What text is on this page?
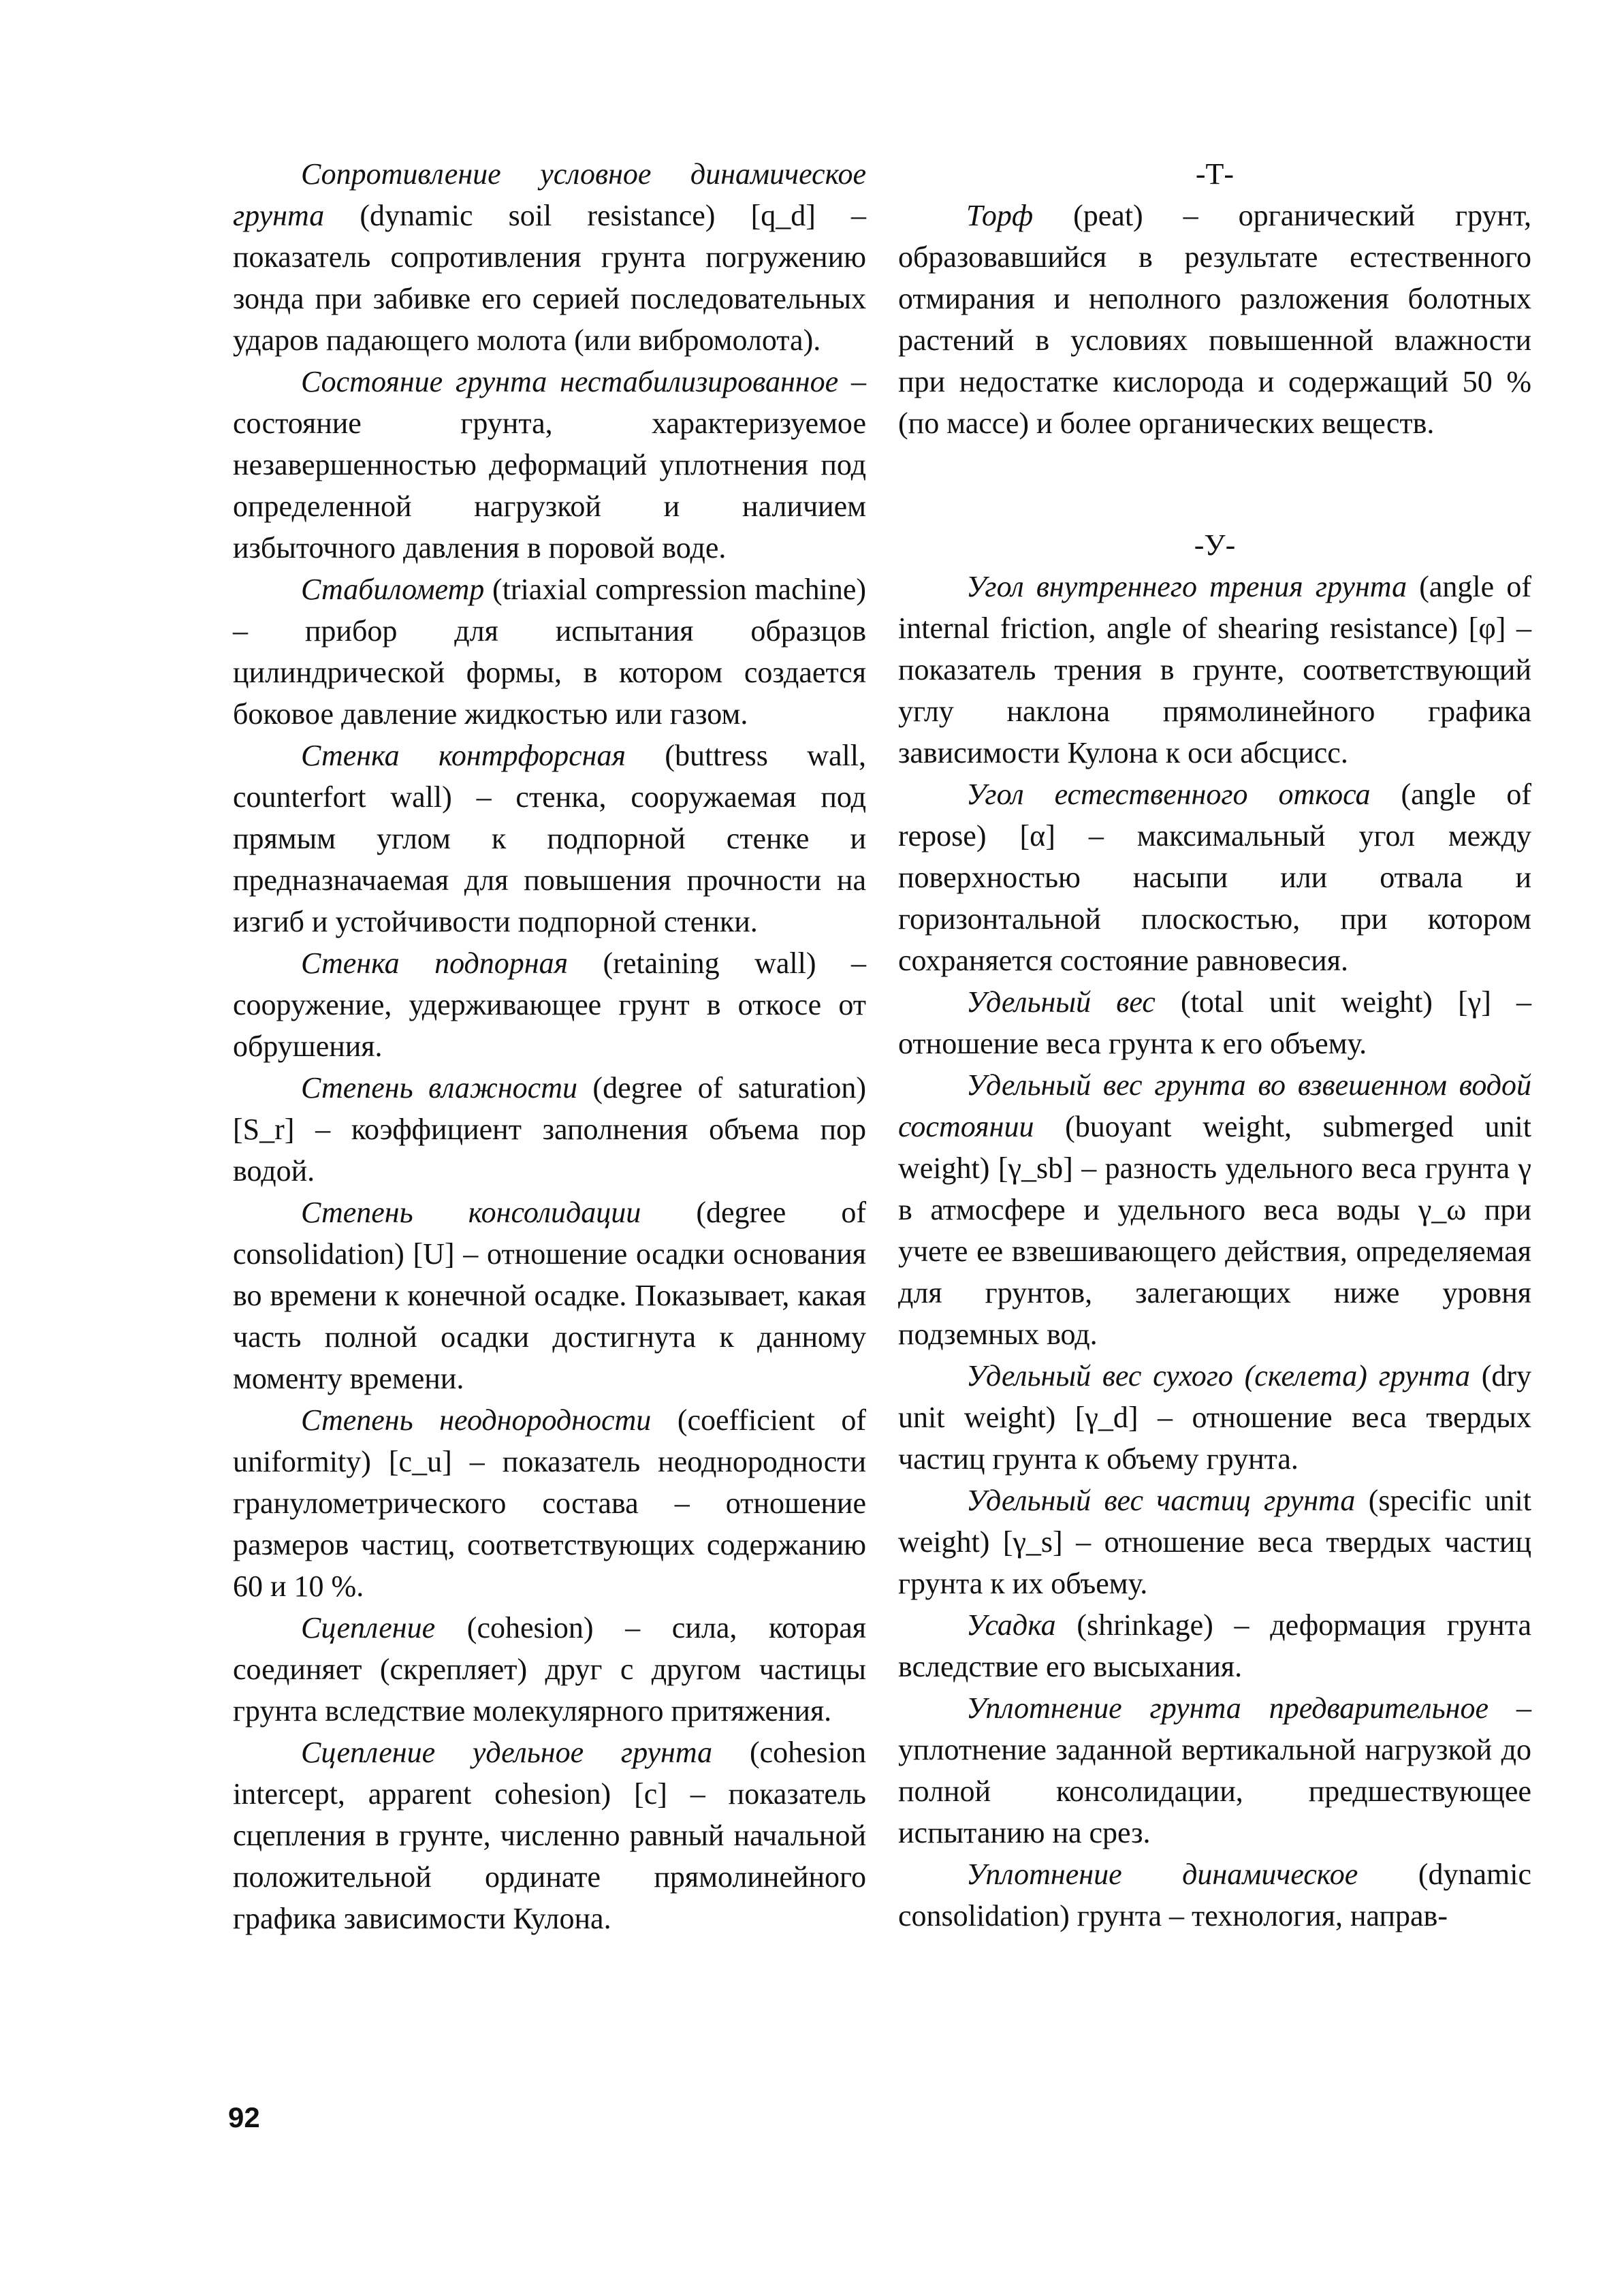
Сопротивление условное динамическое грунта (dynamic soil resistance) [q_d] – показатель сопротивления грунта погружению зонда при забивке его серией последовательных ударов падающего молота (или вибромолота).

Состояние грунта нестабилизированное – состояние грунта, характеризуемое незавершенностью деформаций уплотнения под определенной нагрузкой и наличием избыточного давления в поровой воде.

Стабилометр (triaxial compression machine) – прибор для испытания образцов цилиндрической формы, в котором создается боковое давление жидкостью или газом.

Стенка контрфорсная (buttress wall, counterfort wall) – стенка, сооружаемая под прямым углом к подпорной стенке и предназначаемая для повышения прочности на изгиб и устойчивости подпорной стенки.

Стенка подпорная (retaining wall) – сооружение, удерживающее грунт в откосе от обрушения.

Степень влажности (degree of saturation) [S_r] – коэффициент заполнения объема пор водой.

Степень консолидации (degree of consolidation) [U] – отношение осадки основания во времени к конечной осадке. Показывает, какая часть полной осадки достигнута к данному моменту времени.

Степень неоднородности (coefficient of uniformity) [c_u] – показатель неоднородности гранулометрического состава – отношение размеров частиц, соответствующих содержанию 60 и 10 %.

Сцепление (cohesion) – сила, которая соединяет (скрепляет) друг с другом частицы грунта вследствие молекулярного притяжения.

Сцепление удельное грунта (cohesion intercept, apparent cohesion) [c] – показатель сцепления в грунте, численно равный начальной положительной ординате прямолинейного графика зависимости Кулона.

-Т-

Торф (peat) – органический грунт, образовавшийся в результате естественного отмирания и неполного разложения болотных растений в условиях повышенной влажности при недостатке кислорода и содержащий 50 % (по массе) и более органических веществ.

-У-

Угол внутреннего трения грунта (angle of internal friction, angle of shearing resistance) [φ] – показатель трения в грунте, соответствующий углу наклона прямолинейного графика зависимости Кулона к оси абсцисс.

Угол естественного откоса (angle of repose) [α] – максимальный угол между поверхностью насыпи или отвала и горизонтальной плоскостью, при котором сохраняется состояние равновесия.

Удельный вес (total unit weight) [γ] – отношение веса грунта к его объему.

Удельный вес грунта во взвешенном водой состоянии (buoyant weight, submerged unit weight) [γ_sb] – разность удельного веса грунта γ в атмосфере и удельного веса воды γ_ω при учете ее взвешивающего действия, определяемая для грунтов, залегающих ниже уровня подземных вод.

Удельный вес сухого (скелета) грунта (dry unit weight) [γ_d] – отношение веса твердых частиц грунта к объему грунта.

Удельный вес частиц грунта (specific unit weight) [γ_s] – отношение веса твердых частиц грунта к их объему.

Усадка (shrinkage) – деформация грунта вследствие его высыхания.

Уплотнение грунта предварительное – уплотнение заданной вертикальной нагрузкой до полной консолидации, предшествующее испытанию на срез.

Уплотнение динамическое (dynamic consolidation) грунта – технология, направ-

92
